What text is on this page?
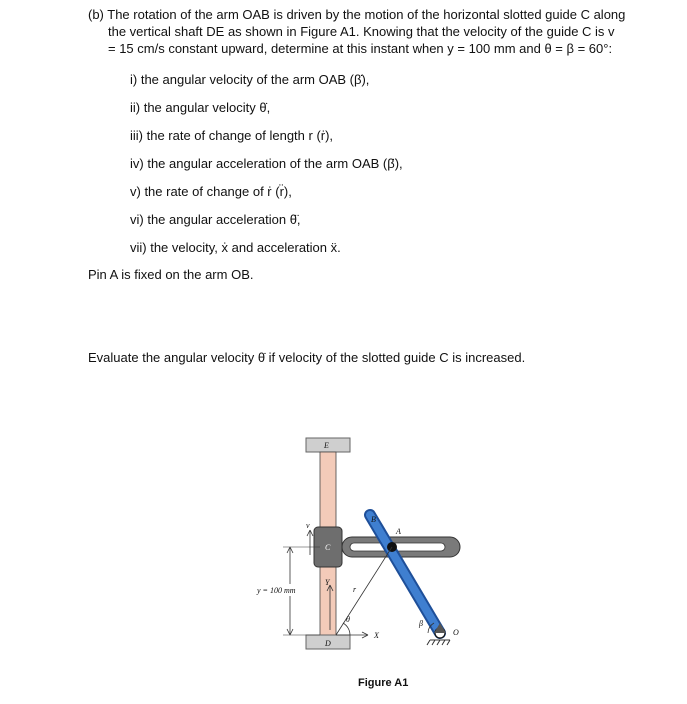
(b) The rotation of the arm OAB is driven by the motion of the horizontal slotted guide C along
the vertical shaft DE as shown in Figure A1. Knowing that the velocity of the guide C is v
= 15 cm/s constant upward, determine at this instant when y = 100 mm and θ = β = 60°:
i) the angular velocity of the arm OAB (β̇),
ii) the angular velocity θ̇,
iii) the rate of change of length r (ṙ),
iv) the angular acceleration of the arm OAB (β̈),
v) the rate of change of ṙ (r̈),
vi) the angular acceleration θ̈,
vii) the velocity, ẋ and acceleration ẍ.
Pin A is fixed on the arm OB.
Evaluate the angular velocity θ̇ if velocity of the slotted guide C is increased.
E
D
C
B
A
O
v
Y
X
r
θ	β
y = 100 mm
Figure A1
